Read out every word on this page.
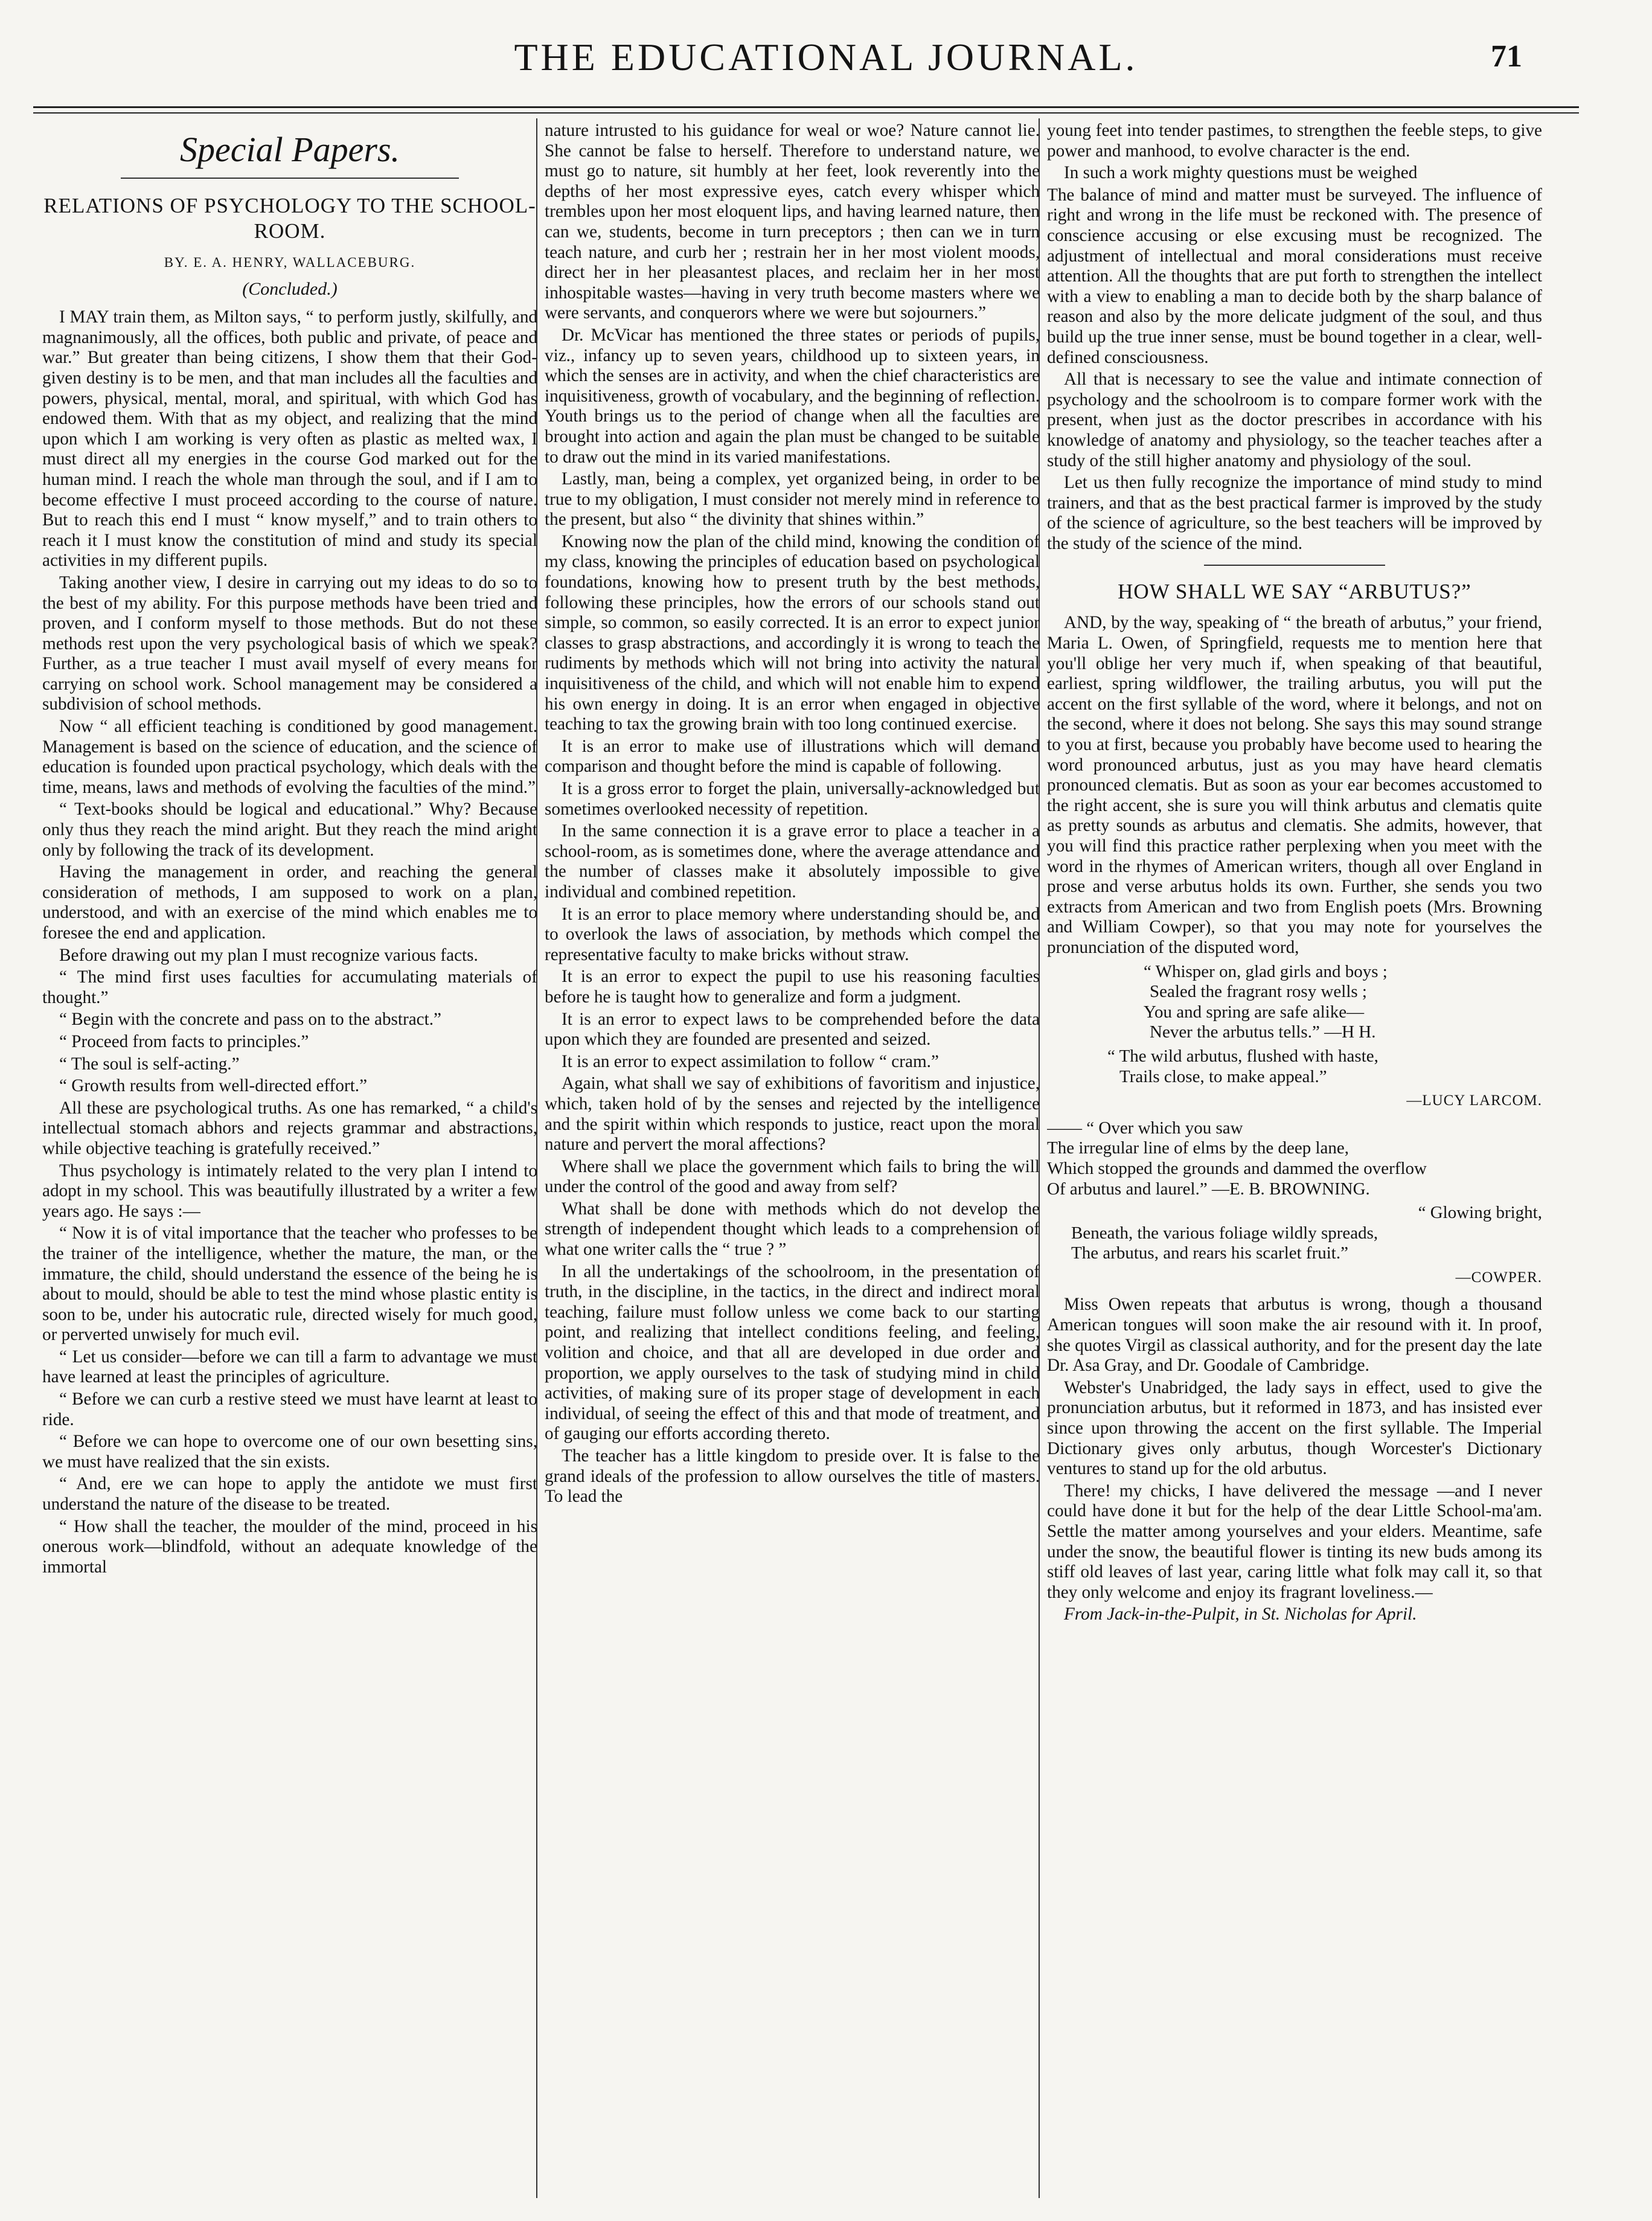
THE EDUCATIONAL JOURNAL.	71
Special Papers.
RELATIONS OF PSYCHOLOGY TO THE SCHOOL-ROOM.
BY. E. A. HENRY, WALLACEBURG.
(Concluded.)

I MAY train them, as Milton says, “ to perform justly, skilfully, and magnanimously, all the offices, both public and private, of peace and war.” But greater than being citizens, I show them that their God-given destiny is to be men, and that man includes all the faculties and powers, physical, mental, moral, and spiritual, with which God has endowed them. With that as my object, and realizing that the mind upon which I am working is very often as plastic as melted wax, I must direct all my energies in the course God marked out for the human mind. I reach the whole man through the soul, and if I am to become effective I must proceed according to the course of nature. But to reach this end I must “ know myself,” and to train others to reach it I must know the constitution of mind and study its special activities in my different pupils.

Taking another view, I desire in carrying out my ideas to do so to the best of my ability. For this purpose methods have been tried and proven, and I conform myself to those methods. But do not these methods rest upon the very psychological basis of which we speak? Further, as a true teacher I must avail myself of every means for carrying on school work. School management may be considered a subdivision of school methods.

Now “ all efficient teaching is conditioned by good management. Management is based on the science of education, and the science of education is founded upon practical psychology, which deals with the time, means, laws and methods of evolving the faculties of the mind.”

“ Text-books should be logical and educational.” Why? Because only thus they reach the mind aright. But they reach the mind aright only by following the track of its development.

Having the management in order, and reaching the general consideration of methods, I am supposed to work on a plan, understood, and with an exercise of the mind which enables me to foresee the end and application.

Before drawing out my plan I must recognize various facts.

“ The mind first uses faculties for accumulating materials of thought.”

“ Begin with the concrete and pass on to the abstract.”

“ Proceed from facts to principles.”

“ The soul is self-acting.”

“ Growth results from well-directed effort.”

All these are psychological truths. As one has remarked, “ a child's intellectual stomach abhors and rejects grammar and abstractions, while objective teaching is gratefully received.”

Thus psychology is intimately related to the very plan I intend to adopt in my school. This was beautifully illustrated by a writer a few years ago. He says :—

“ Now it is of vital importance that the teacher who professes to be the trainer of the intelligence, whether the mature, the man, or the immature, the child, should understand the essence of the being he is about to mould, should be able to test the mind whose plastic entity is soon to be, under his autocratic rule, directed wisely for much good, or perverted unwisely for much evil.

“ Let us consider—before we can till a farm to advantage we must have learned at least the principles of agriculture.

“ Before we can curb a restive steed we must have learnt at least to ride.

“ Before we can hope to overcome one of our own besetting sins, we must have realized that the sin exists.

“ And, ere we can hope to apply the antidote we must first understand the nature of the disease to be treated.

“ How shall the teacher, the moulder of the mind, proceed in his onerous work—blindfold, without an adequate knowledge of the immortal

nature intrusted to his guidance for weal or woe? Nature cannot lie. She cannot be false to herself. Therefore to understand nature, we must go to nature, sit humbly at her feet, look reverently into the depths of her most expressive eyes, catch every whisper which trembles upon her most eloquent lips, and having learned nature, then can we, students, become in turn preceptors ; then can we in turn teach nature, and curb her ; restrain her in her most violent moods, direct her in her pleasantest places, and reclaim her in her most inhospitable wastes—having in very truth become masters where we were servants, and conquerors where we were but sojourners.”

Dr. McVicar has mentioned the three states or periods of pupils, viz., infancy up to seven years, childhood up to sixteen years, in which the senses are in activity, and when the chief characteristics are inquisitiveness, growth of vocabulary, and the beginning of reflection. Youth brings us to the period of change when all the faculties are brought into action and again the plan must be changed to be suitable to draw out the mind in its varied manifestations.

Lastly, man, being a complex, yet organized being, in order to be true to my obligation, I must consider not merely mind in reference to the present, but also “ the divinity that shines within.”

Knowing now the plan of the child mind, knowing the condition of my class, knowing the principles of education based on psychological foundations, knowing how to present truth by the best methods, following these principles, how the errors of our schools stand out simple, so common, so easily corrected. It is an error to expect junior classes to grasp abstractions, and accordingly it is wrong to teach the rudiments by methods which will not bring into activity the natural inquisitiveness of the child, and which will not enable him to expend his own energy in doing. It is an error when engaged in objective teaching to tax the growing brain with too long continued exercise.

It is an error to make use of illustrations which will demand comparison and thought before the mind is capable of following.

It is a gross error to forget the plain, universally-acknowledged but sometimes overlooked necessity of repetition.

In the same connection it is a grave error to place a teacher in a school-room, as is sometimes done, where the average attendance and the number of classes make it absolutely impossible to give individual and combined repetition.

It is an error to place memory where understanding should be, and to overlook the laws of association, by methods which compel the representative faculty to make bricks without straw.

It is an error to expect the pupil to use his reasoning faculties before he is taught how to generalize and form a judgment.

It is an error to expect laws to be comprehended before the data upon which they are founded are presented and seized.

It is an error to expect assimilation to follow “ cram.”

Again, what shall we say of exhibitions of favoritism and injustice, which, taken hold of by the senses and rejected by the intelligence and the spirit within which responds to justice, react upon the moral nature and pervert the moral affections?

Where shall we place the government which fails to bring the will under the control of the good and away from self?

What shall be done with methods which do not develop the strength of independent thought which leads to a comprehension of what one writer calls the “ true ? ”

In all the undertakings of the schoolroom, in the presentation of truth, in the discipline, in the tactics, in the direct and indirect moral teaching, failure must follow unless we come back to our starting point, and realizing that intellect conditions feeling, and feeling, volition and choice, and that all are developed in due order and proportion, we apply ourselves to the task of studying mind in child activities, of making sure of its proper stage of development in each individual, of seeing the effect of this and that mode of treatment, and of gauging our efforts according thereto.

The teacher has a little kingdom to preside over. It is false to the grand ideals of the profession to allow ourselves the title of masters. To lead the

young feet into tender pastimes, to strengthen the feeble steps, to give power and manhood, to evolve character is the end.

In such a work mighty questions must be weighed

The balance of mind and matter must be surveyed. The influence of right and wrong in the life must be reckoned with. The presence of conscience accusing or else excusing must be recognized. The adjustment of intellectual and moral considerations must receive attention. All the thoughts that are put forth to strengthen the intellect with a view to enabling a man to decide both by the sharp balance of reason and also by the more delicate judgment of the soul, and thus build up the true inner sense, must be bound together in a clear, well-defined consciousness.

All that is necessary to see the value and intimate connection of psychology and the schoolroom is to compare former work with the present, when just as the doctor prescribes in accordance with his knowledge of anatomy and physiology, so the teacher teaches after a study of the still higher anatomy and physiology of the soul.

Let us then fully recognize the importance of mind study to mind trainers, and that as the best practical farmer is improved by the study of the science of agriculture, so the best teachers will be improved by the study of the science of the mind.

HOW SHALL WE SAY “ARBUTUS?”

AND, by the way, speaking of “ the breath of arbutus,” your friend, Maria L. Owen, of Springfield, requests me to mention here that you'll oblige her very much if, when speaking of that beautiful, earliest, spring wildflower, the trailing arbutus, you will put the accent on the first syllable of the word, where it belongs, and not on the second, where it does not belong. She says this may sound strange to you at first, because you probably have become used to hearing the word pronounced arbutus, just as you may have heard clematis pronounced clematis. But as soon as your ear becomes accustomed to the right accent, she is sure you will think arbutus and clematis quite as pretty sounds as arbutus and clematis. She admits, however, that you will find this practice rather perplexing when you meet with the word in the rhymes of American writers, though all over England in prose and verse arbutus holds its own. Further, she sends you two extracts from American and two from English poets (Mrs. Browning and William Cowper), so that you may note for yourselves the pronunciation of the disputed word,

“ Whisper on, glad girls and boys ;
Sealed the fragrant rosy wells ;
You and spring are safe alike—
Never the arbutus tells.” —H H.
“ The wild arbutus, flushed with haste,
Trails close, to make appeal.”
—LUCY LARCOM.
—— “ Over which you saw
The irregular line of elms by the deep lane,
Which stopped the grounds and dammed the overflow
Of arbutus and laurel.” —E. B. BROWNING.
“ Glowing bright,
Beneath, the various foliage wildly spreads,
The arbutus, and rears his scarlet fruit.”
—COWPER.

Miss Owen repeats that arbutus is wrong, though a thousand American tongues will soon make the air resound with it. In proof, she quotes Virgil as classical authority, and for the present day the late Dr. Asa Gray, and Dr. Goodale of Cambridge.

Webster's Unabridged, the lady says in effect, used to give the pronunciation arbutus, but it reformed in 1873, and has insisted ever since upon throwing the accent on the first syllable. The Imperial Dictionary gives only arbutus, though Worcester's Dictionary ventures to stand up for the old arbutus.

There! my chicks, I have delivered the message —and I never could have done it but for the help of the dear Little School-ma'am. Settle the matter among yourselves and your elders. Meantime, safe under the snow, the beautiful flower is tinting its new buds among its stiff old leaves of last year, caring little what folk may call it, so that they only welcome and enjoy its fragrant loveliness.—

From Jack-in-the-Pulpit, in St. Nicholas for April.
